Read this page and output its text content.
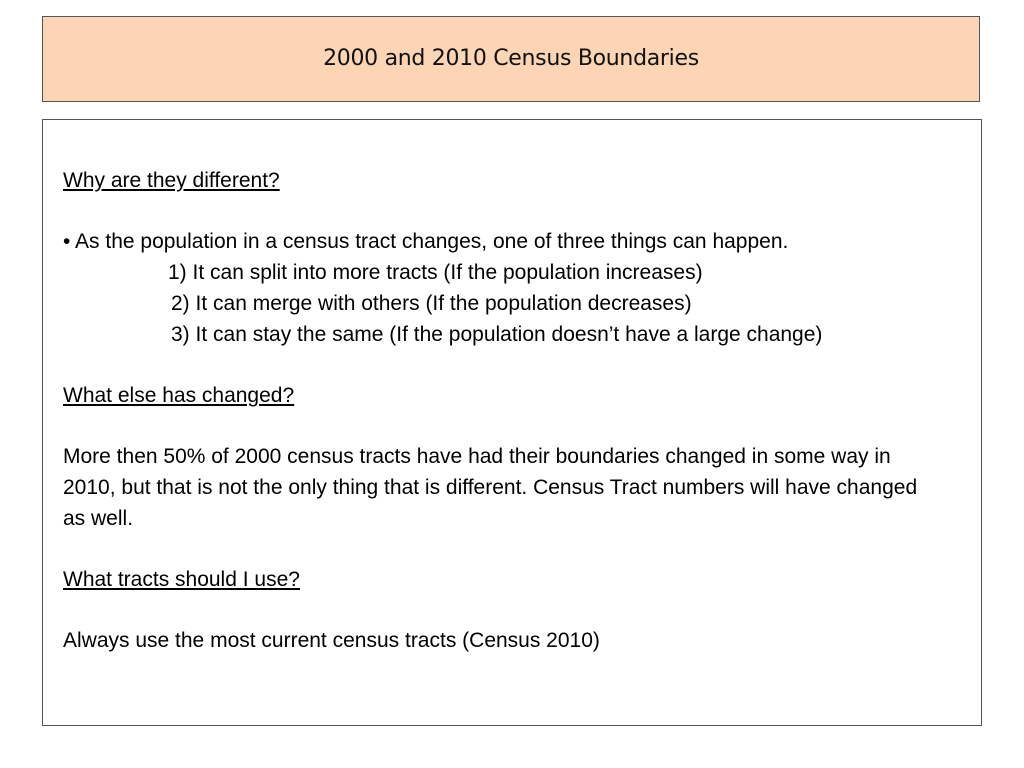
2000 and 2010 Census Boundaries
Why are they different?
• As the population in a census tract changes, one of three things can happen.
1) It can split into more tracts (If the population increases)
2) It can merge with others (If the population decreases)
3) It can stay the same (If the population doesn’t have a large change)
What else has changed?
More then 50% of 2000 census tracts have had their boundaries changed in some way in 2010, but that is not the only thing that is different. Census Tract numbers will have changed as well.
What tracts should I use?
Always use the most current census tracts (Census 2010)
